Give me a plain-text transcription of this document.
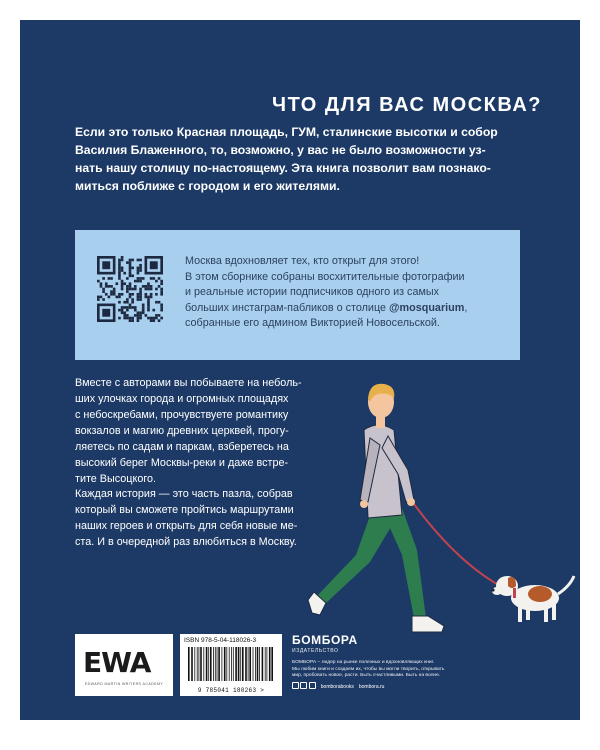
ЧТО ДЛЯ ВАС МОСКВА?
Если это только Красная площадь, ГУМ, сталинские высотки и собор
Василия Блаженного, то, возможно, у вас не было возможности уз-
нать нашу столицу по-настоящему. Эта книга позволит вам познако-
миться поближе с городом и его жителями.
Москва вдохновляет тех, кто открыт для этого!
В этом сборнике собраны восхитительные фотографии
и реальные истории подписчиков одного из самых
больших инстаграм-пабликов о столице @mosquarium,
собранные его админом Викторией Новосельской.
Вместе с авторами вы побываете на неболь-
ших улочках города и огромных площадях
с небоскребами, прочувствуете романтику
вокзалов и магию древних церквей, прогу-
ляетесь по садам и паркам, взберетесь на
высокий берег Москвы-реки и даже встре-
тите Высоцкого.
Каждая история — это часть пазла, собрав
который вы сможете пройтись маршрутами
наших героев и открыть для себя новые ме-
ста. И в очередной раз влюбиться в Москву.
EWA
EDWARD MARTIN WRITERS ACADEMY
ISBN 978-5-04-118026-3
9 785041 180263 >
БОМБОРА
ИЗДАТЕЛЬСТВО
БОМБОРА – лидер на рынке полезных и вдохновляющих книг.
Мы любим книги и создаем их, чтобы вы могли творить, открывать
мир, пробовать новое, расти. Быть счастливыми. Быть на волне.

bomborabooks bombora.ru
